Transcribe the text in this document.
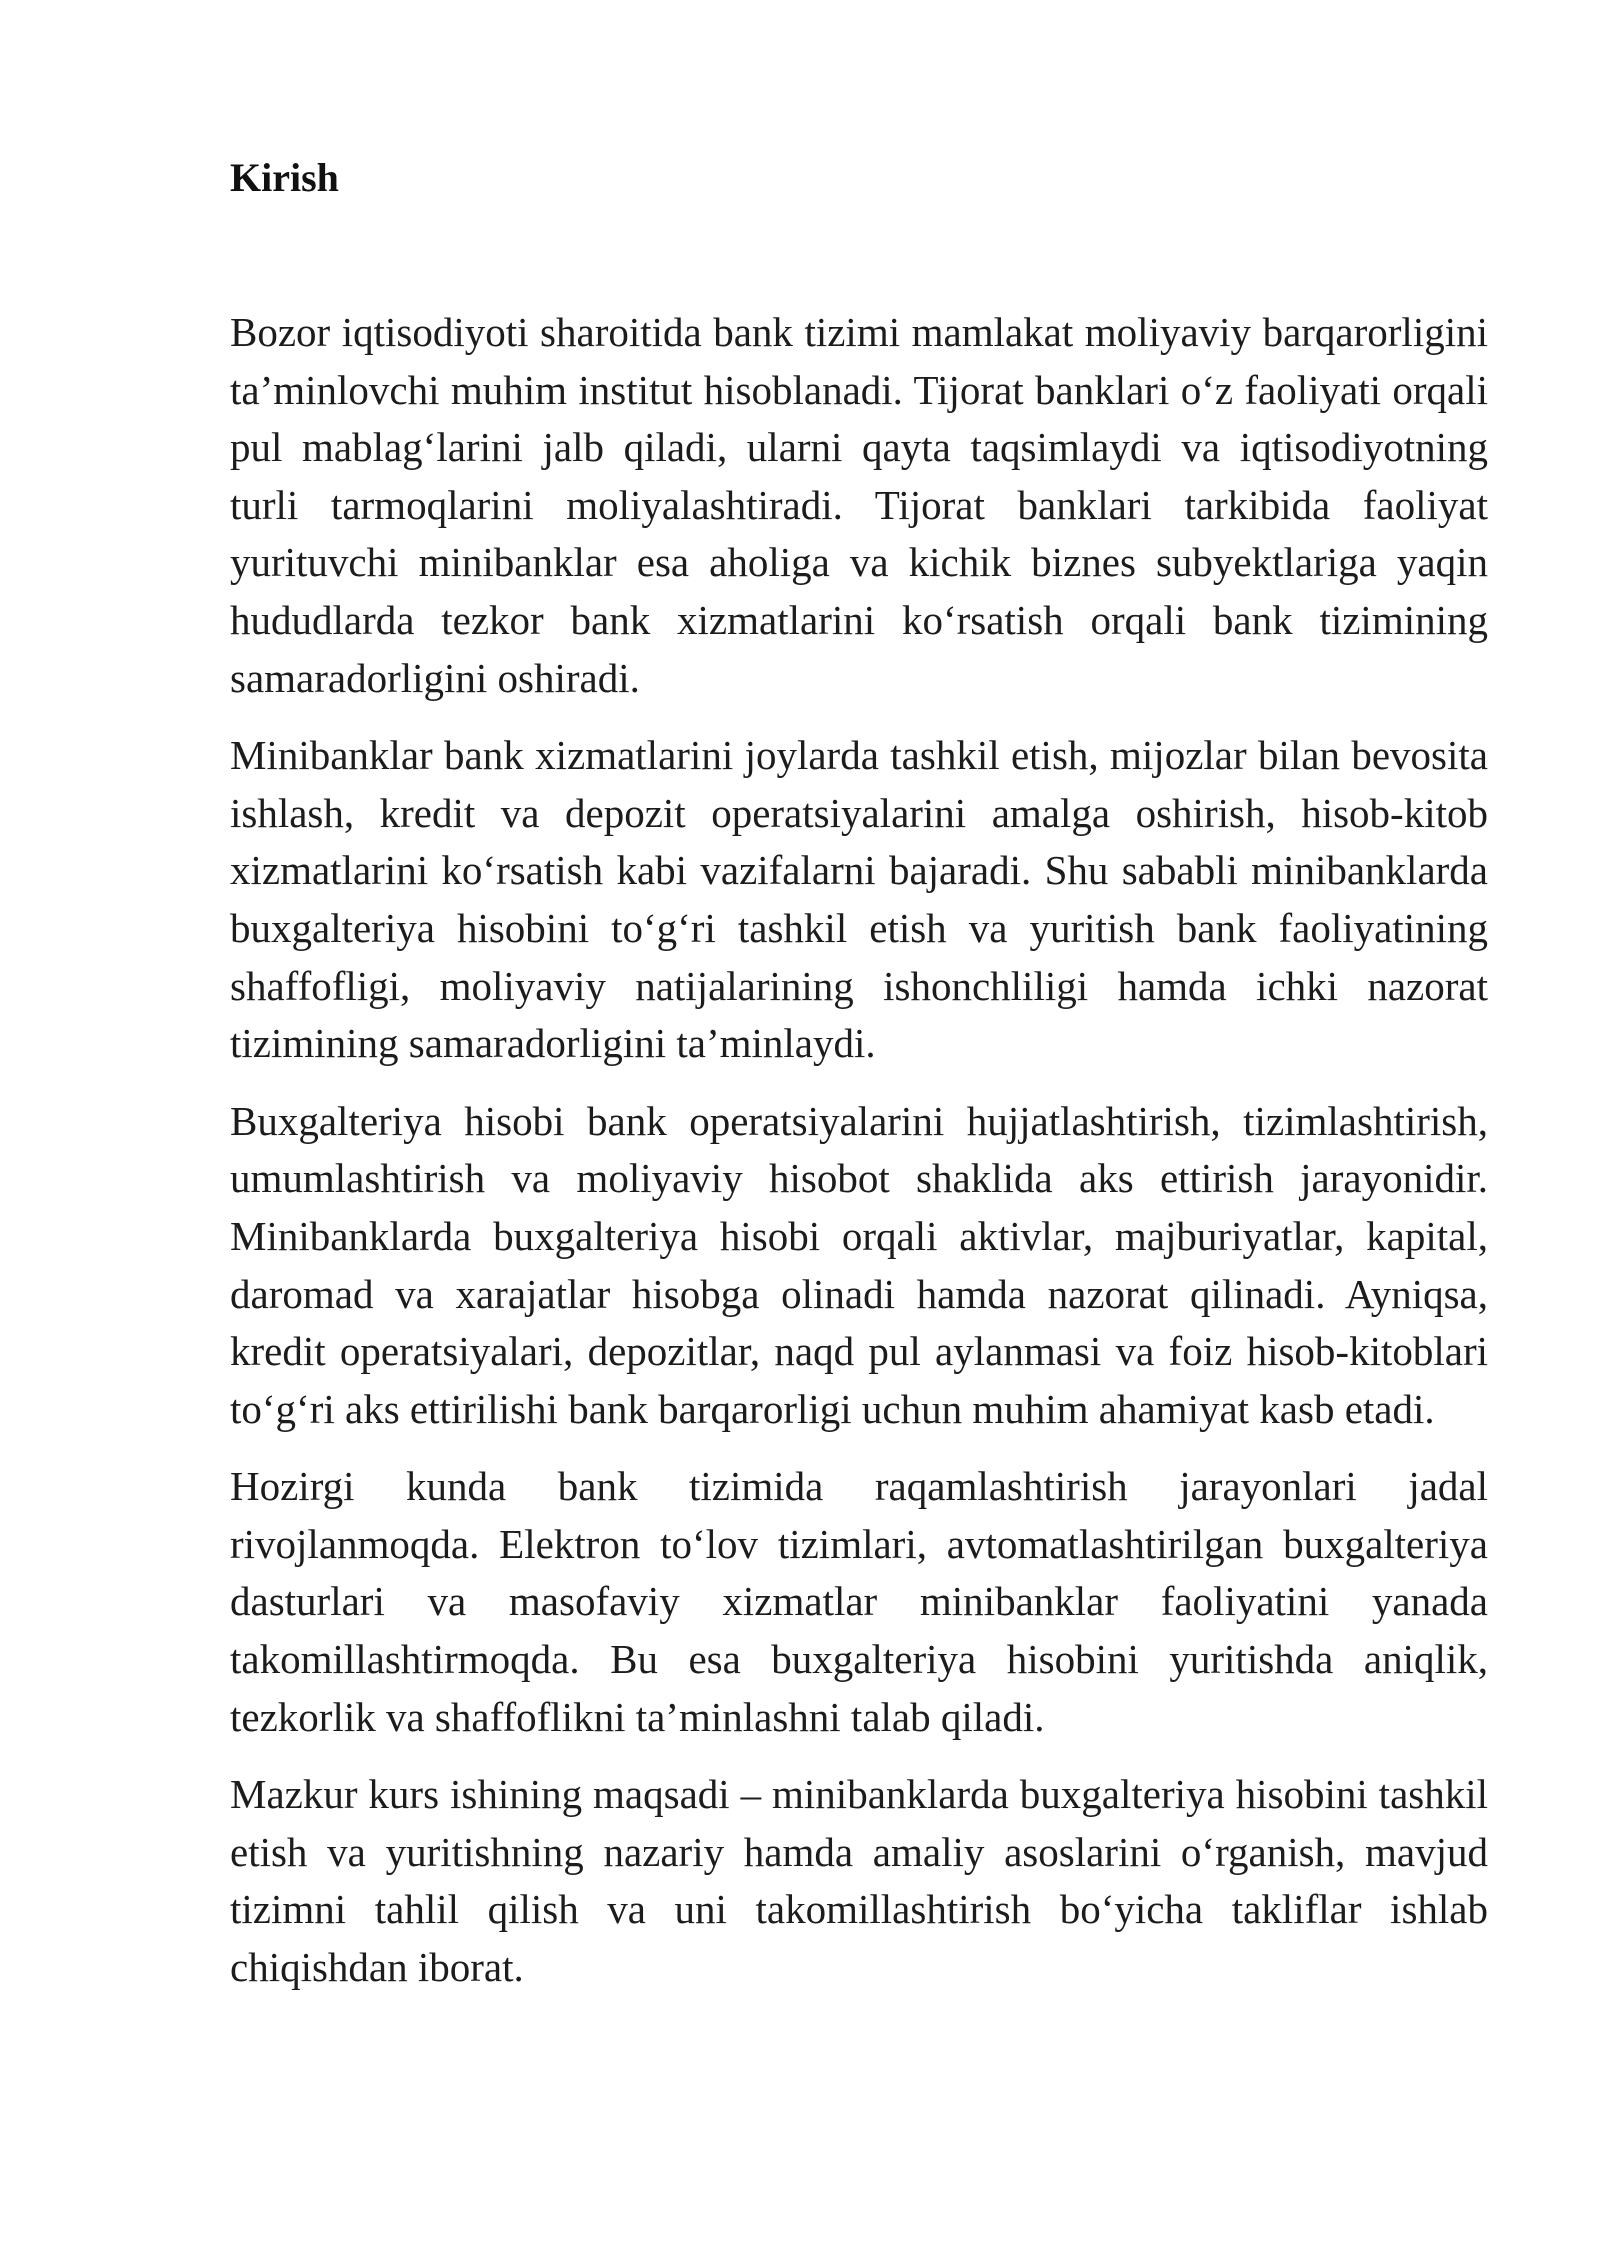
Kirish

Bozor iqtisodiyoti sharoitida bank tizimi mamlakat moliyaviy barqarorligini ta’minlovchi muhim institut hisoblanadi. Tijorat banklari o‘z faoliyati orqali pul mablag‘larini jalb qiladi, ularni qayta taqsimlaydi va iqtisodiyotning turli tarmoqlarini moliyalashtiradi. Tijorat banklari tarkibida faoliyat yurituvchi minibanklar esa aholiga va kichik biznes subyektlariga yaqin hududlarda tezkor bank xizmatlarini ko‘rsatish orqali bank tizimining samaradorligini oshiradi.

Minibanklar bank xizmatlarini joylarda tashkil etish, mijozlar bilan bevosita ishlash, kredit va depozit operatsiyalarini amalga oshirish, hisob-kitob xizmatlarini ko‘rsatish kabi vazifalarni bajaradi. Shu sababli minibanklarda buxgalteriya hisobini to‘g‘ri tashkil etish va yuritish bank faoliyatining shaffofligi, moliyaviy natijalarining ishonchliligi hamda ichki nazorat tizimining samaradorligini ta’minlaydi.

Buxgalteriya hisobi bank operatsiyalarini hujjatlashtirish, tizimlashtirish, umumlashtirish va moliyaviy hisobot shaklida aks ettirish jarayonidir. Minibanklarda buxgalteriya hisobi orqali aktivlar, majburiyatlar, kapital, daromad va xarajatlar hisobga olinadi hamda nazorat qilinadi. Ayniqsa, kredit operatsiyalari, depozitlar, naqd pul aylanmasi va foiz hisob-kitoblari to‘g‘ri aks ettirilishi bank barqarorligi uchun muhim ahamiyat kasb etadi.

Hozirgi kunda bank tizimida raqamlashtirish jarayonlari jadal rivojlanmoqda. Elektron to‘lov tizimlari, avtomatlashtirilgan buxgalteriya dasturlari va masofaviy xizmatlar minibanklar faoliyatini yanada takomillashtirmoqda. Bu esa buxgalteriya hisobini yuritishda aniqlik, tezkorlik va shaffoflikni ta’minlashni talab qiladi.

Mazkur kurs ishining maqsadi – minibanklarda buxgalteriya hisobini tashkil etish va yuritishning nazariy hamda amaliy asoslarini o‘rganish, mavjud tizimni tahlil qilish va uni takomillashtirish bo‘yicha takliflar ishlab chiqishdan iborat.
